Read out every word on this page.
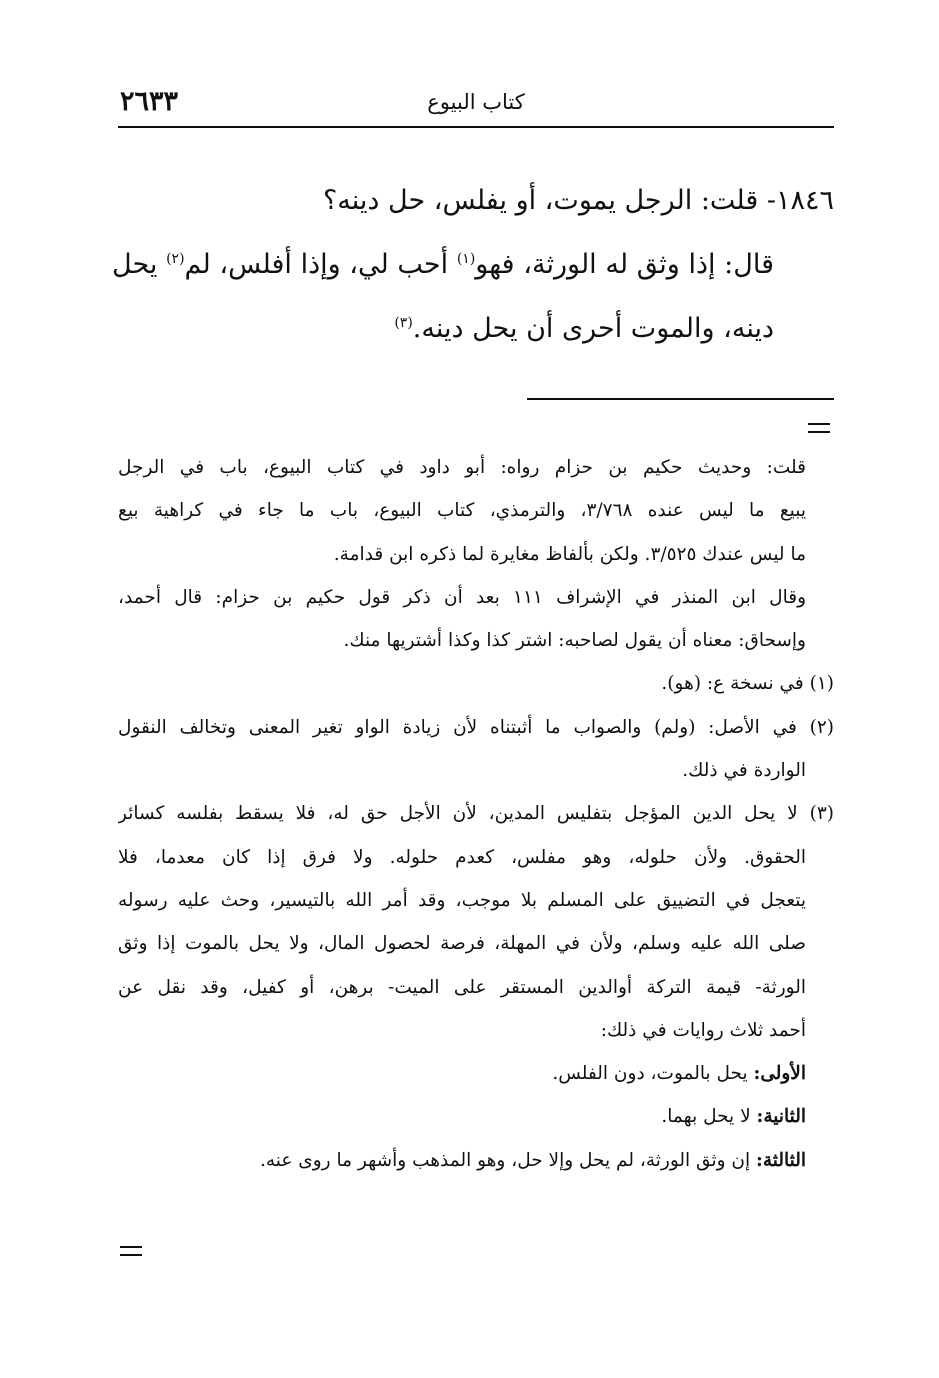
كتاب البيوع
٢٦٣٣
١٨٤٦- قلت: الرجل يموت، أو يفلس، حل دينه؟
قال: إذا وثق له الورثة، فهو$^{(١)}$ أحب لي، وإذا أفلس، لم$^{(٢)}$ يحل
دينه، والموت أحرى أن يحل دينه.$^{(٣)}$
قلت: وحديث حكيم بن حزام رواه: أبو داود في كتاب البيوع، باب في الرجل
يبيع ما ليس عنده ٣/٧٦٨، والترمذي، كتاب البيوع، باب ما جاء في كراهية بيع
ما ليس عندك ٣/٥٢٥. ولكن بألفاظ مغايرة لما ذكره ابن قدامة.
وقال ابن المنذر في الإشراف ١١١ بعد أن ذكر قول حكيم بن حزام: قال أحمد،
وإسحاق: معناه أن يقول لصاحبه: اشتر كذا وكذا أشتريها منك.
(١) في نسخة ع: (هو).
(٢) في الأصل: (ولم) والصواب ما أثبتناه لأن زيادة الواو تغير المعنى وتخالف النقول
الواردة في ذلك.
(٣) لا يحل الدين المؤجل بتفليس المدين، لأن الأجل حق له، فلا يسقط بفلسه كسائر
الحقوق. ولأن حلوله، وهو مفلس، كعدم حلوله. ولا فرق إذا كان معدما، فلا
يتعجل في التضييق على المسلم بلا موجب، وقد أمر الله بالتيسير، وحث عليه رسوله
صلى الله عليه وسلم، ولأن في المهلة، فرصة لحصول المال، ولا يحل بالموت إذا وثق
الورثة- قيمة التركة أوالدين المستقر على الميت- برهن، أو كفيل، وقد نقل عن
أحمد ثلاث روايات في ذلك:
الأولى: يحل بالموت، دون الفلس.
الثانية: لا يحل بهما.
الثالثة: إن وثق الورثة، لم يحل وإلا حل، وهو المذهب وأشهر ما روى عنه.
